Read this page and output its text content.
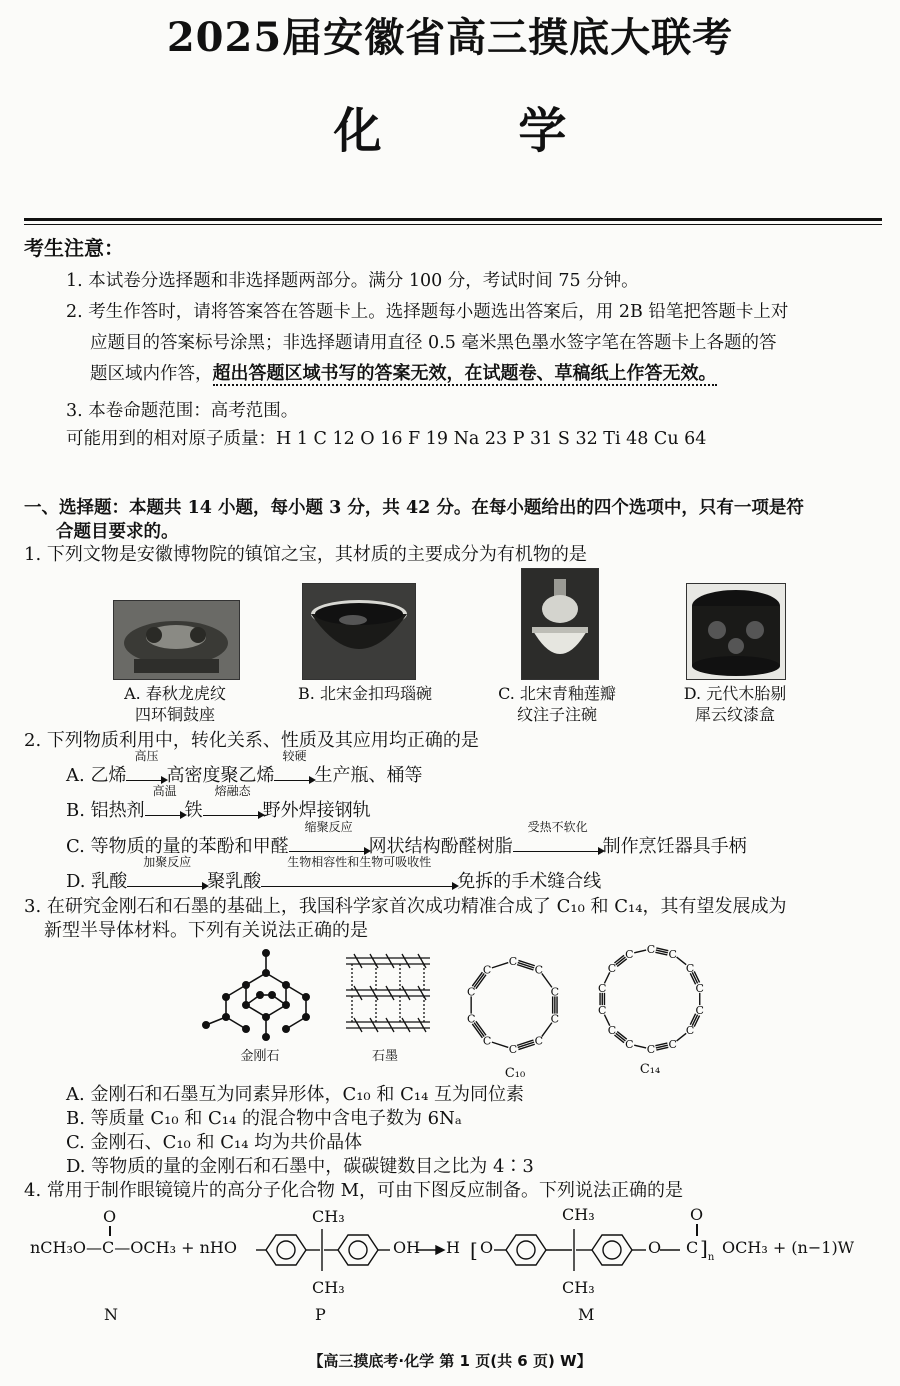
2025届安徽省高三摸底大联考
化 学
考生注意：
1. 本试卷分选择题和非选择题两部分。满分 100 分，考试时间 75 分钟。
2. 考生作答时，请将答案答在答题卡上。选择题每小题选出答案后，用 2B 铅笔把答题卡上对
应题目的答案标号涂黑；非选择题请用直径 0.5 毫米黑色墨水签字笔在答题卡上各题的答
题区域内作答，超出答题区域书写的答案无效，在试题卷、草稿纸上作答无效。
3. 本卷命题范围：高考范围。
可能用到的相对原子质量：H 1 C 12 O 16 F 19 Na 23 P 31 S 32 Ti 48 Cu 64
一、选择题：本题共 14 小题，每小题 3 分，共 42 分。在每小题给出的四个选项中，只有一项是符
合题目要求的。
1. 下列文物是安徽博物院的镇馆之宝，其材质的主要成分为有机物的是
A. 春秋龙虎纹
四环铜鼓座
B. 北宋金扣玛瑙碗	C. 北宋青釉莲瓣
纹注子注碗
D. 元代木胎剔
犀云纹漆盒
2. 下列物质利用中，转化关系、性质及其应用均正确的是
A. 乙烯
高压
高密度聚乙烯
较硬
生产瓶、桶等
B. 铝热剂
高温
铁
熔融态
野外焊接钢轨
C. 等物质的量的苯酚和甲醛
缩聚反应
网状结构酚醛树脂
受热不软化
制作烹饪器具手柄
D. 乳酸
加聚反应
聚乳酸
生物相容性和生物可吸收性
免拆的手术缝合线
3. 在研究金刚石和石墨的基础上，我国科学家首次成功精准合成了 C₁₀ 和 C₁₄，其有望发展成为
新型半导体材料。下列有关说法正确的是
金刚石	石墨
C
C
C
C
C
C
C
C
C
C
C₁₀
C C
C
C
C
C
C
C
C
C
C
C
C
C
C₁₄
A. 金刚石和石墨互为同素异形体，C₁₀ 和 C₁₄ 互为同位素
B. 等质量 C₁₀ 和 C₁₄ 的混合物中含电子数为 6Nₐ
C. 金刚石、C₁₀ 和 C₁₄ 均为共价晶体
D. 等物质的量的金刚石和石墨中，碳碳键数目之比为 4∶3
4. 常用于制作眼镜镜片的高分子化合物 M，可由下图反应制备。下列说法正确的是
O
nCH₃O—C—OCH₃ + nHO
CH₃
CH₃
OH H [ O
CH₃
CH₃
O
O
C ]$_n$
OCH₃ + (n−1)W
N	P	M
【高三摸底考·化学 第 1 页(共 6 页) W】
